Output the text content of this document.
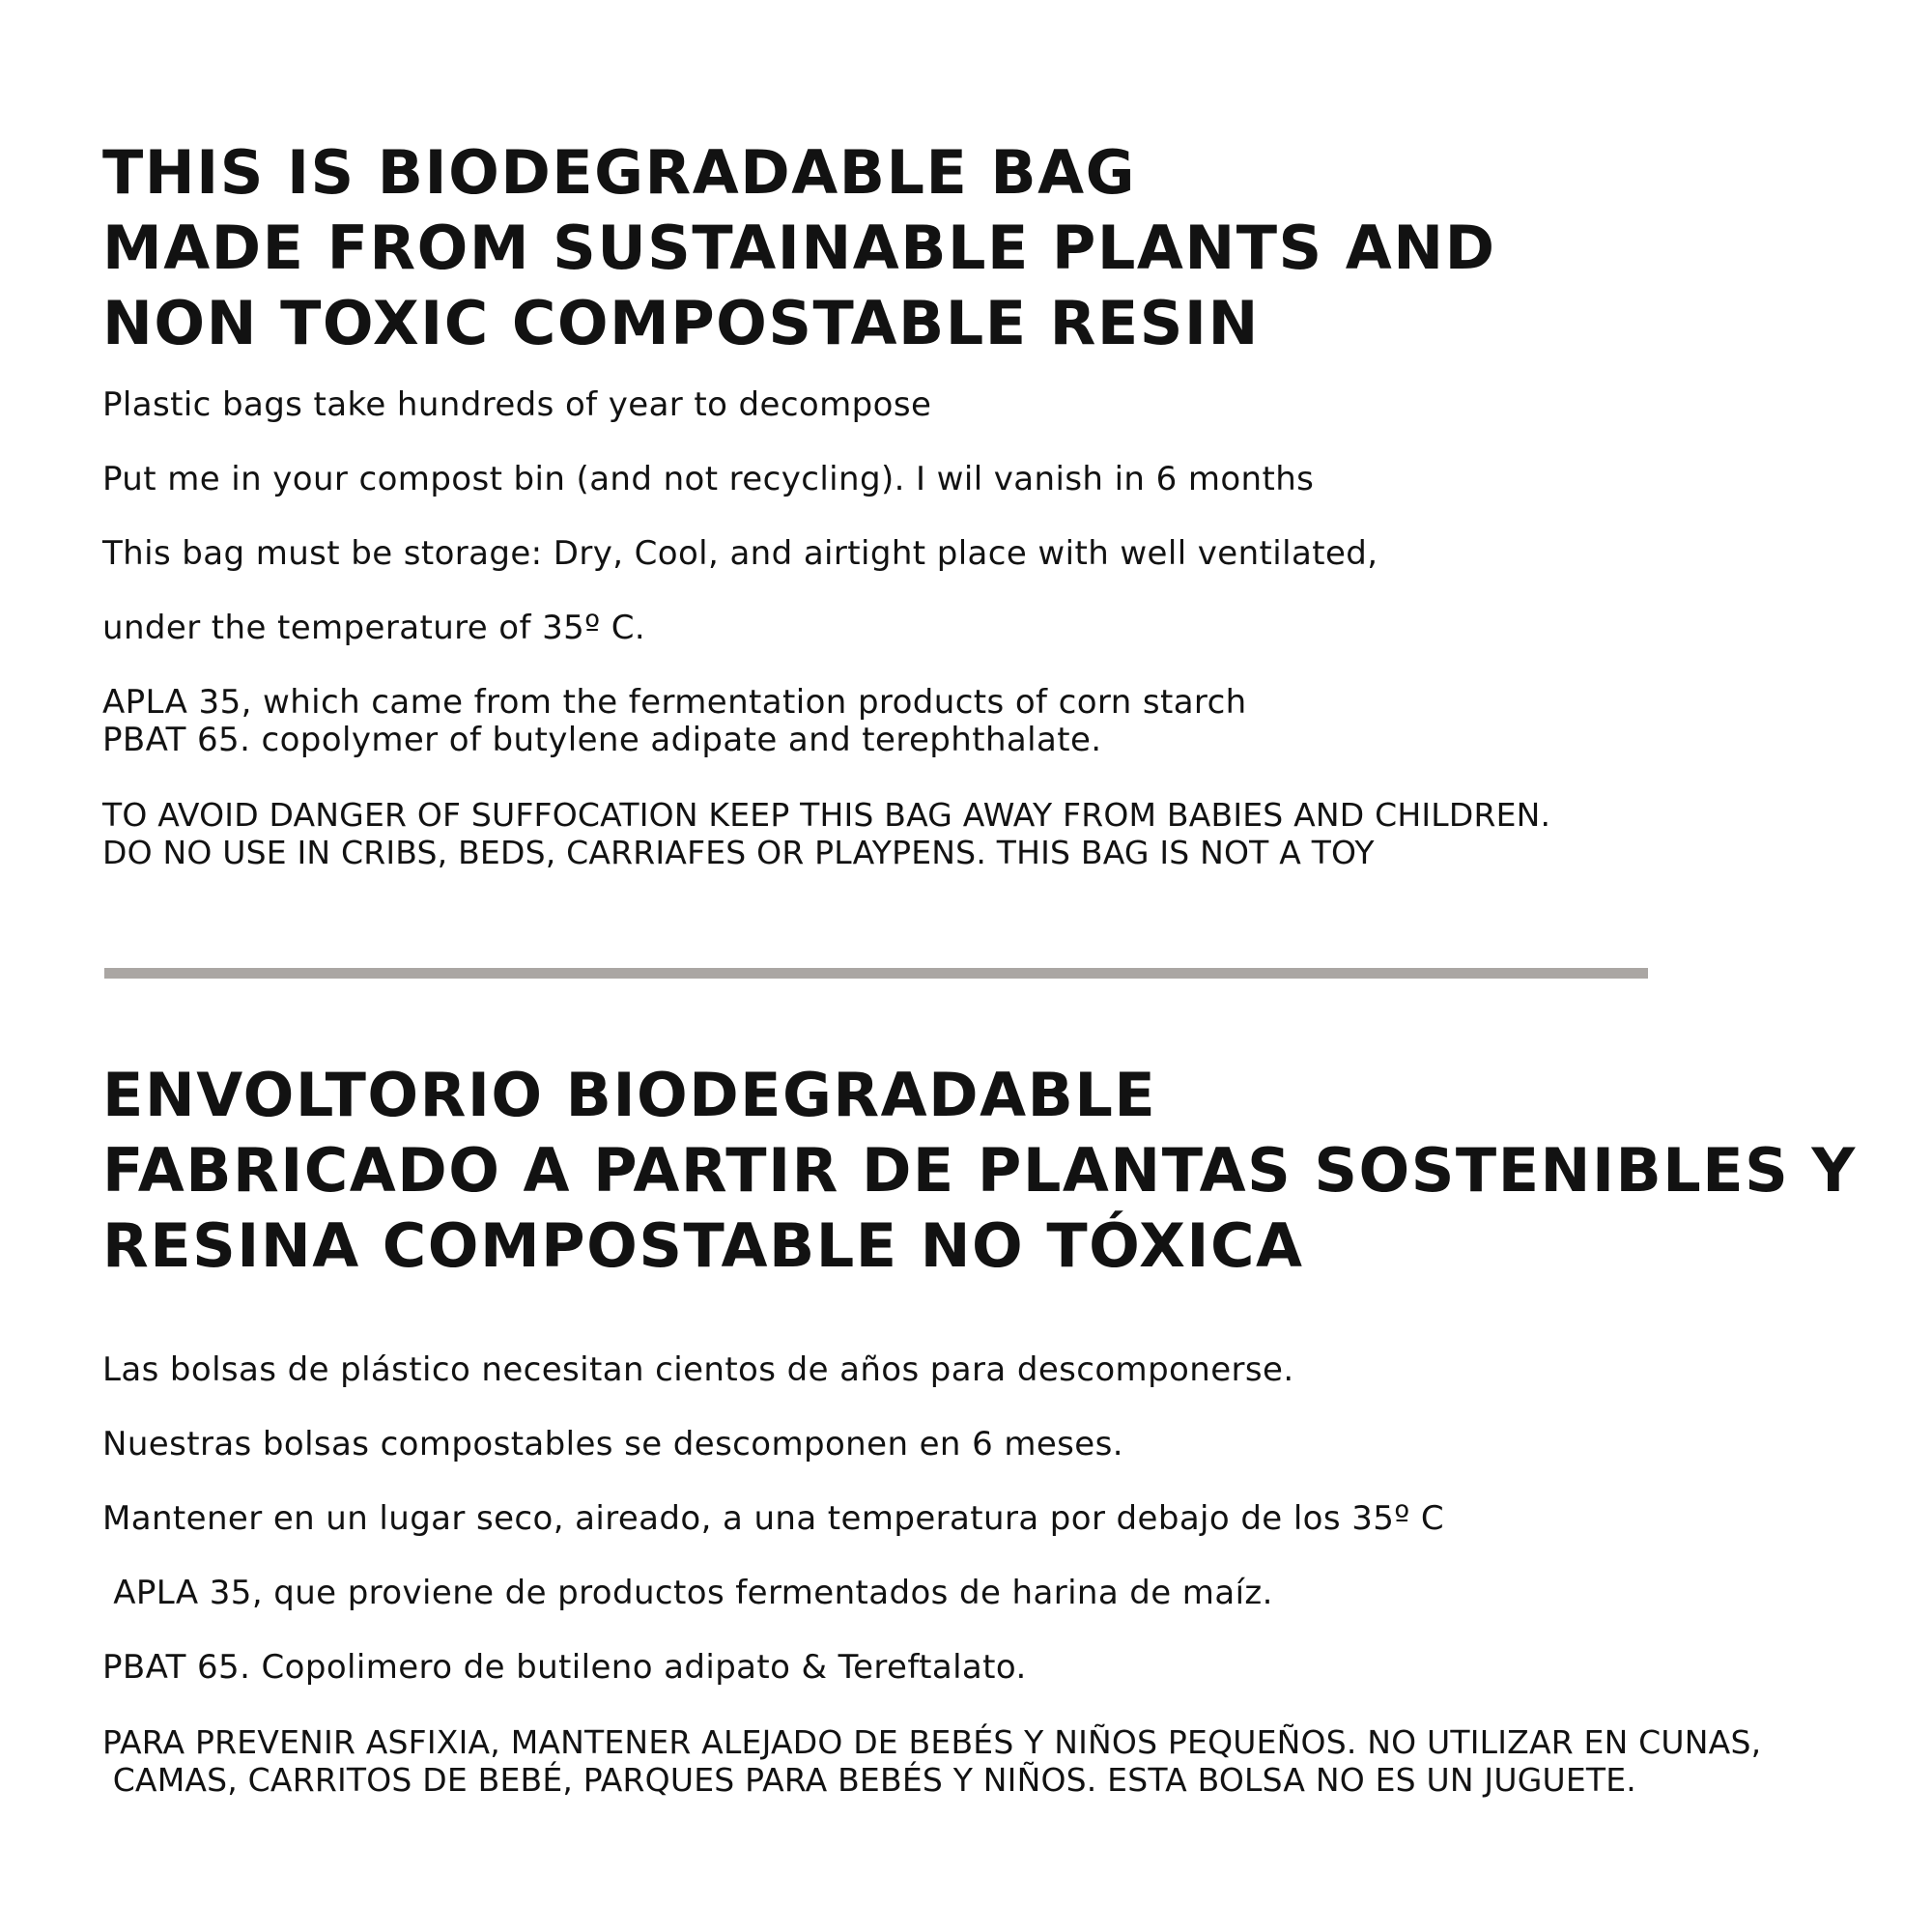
THIS IS BIODEGRADABLE BAG
MADE FROM SUSTAINABLE PLANTS AND
NON TOXIC COMPOSTABLE RESIN

Plastic bags take hundreds of year to decompose

Put me in your compost bin (and not recycling). I wil vanish in 6 months

This bag must be storage: Dry, Cool, and airtight place with well ventilated,

under the temperature of 35º C.

APLA 35, which came from the fermentation products of corn starch

PBAT 65. copolymer of butylene adipate and terephthalate.

TO AVOID DANGER OF SUFFOCATION KEEP THIS BAG AWAY FROM BABIES AND CHILDREN.

DO NO USE IN CRIBS, BEDS, CARRIAFES OR PLAYPENS. THIS BAG IS NOT A TOY

ENVOLTORIO BIODEGRADABLE
FABRICADO A PARTIR DE PLANTAS SOSTENIBLES Y
RESINA COMPOSTABLE NO TÓXICA

Las bolsas de plástico necesitan cientos de años para descomponerse.

Nuestras bolsas compostables se descomponen en 6 meses.

Mantener en un lugar seco, aireado, a una temperatura por debajo de los 35º C

APLA 35, que proviene de productos fermentados de harina de maíz.

PBAT 65. Copolimero de butileno adipato & Tereftalato.

PARA PREVENIR ASFIXIA, MANTENER ALEJADO DE BEBÉS Y NIÑOS PEQUEÑOS. NO UTILIZAR EN CUNAS,

CAMAS, CARRITOS DE BEBÉ, PARQUES PARA BEBÉS Y NIÑOS. ESTA BOLSA NO ES UN JUGUETE.
